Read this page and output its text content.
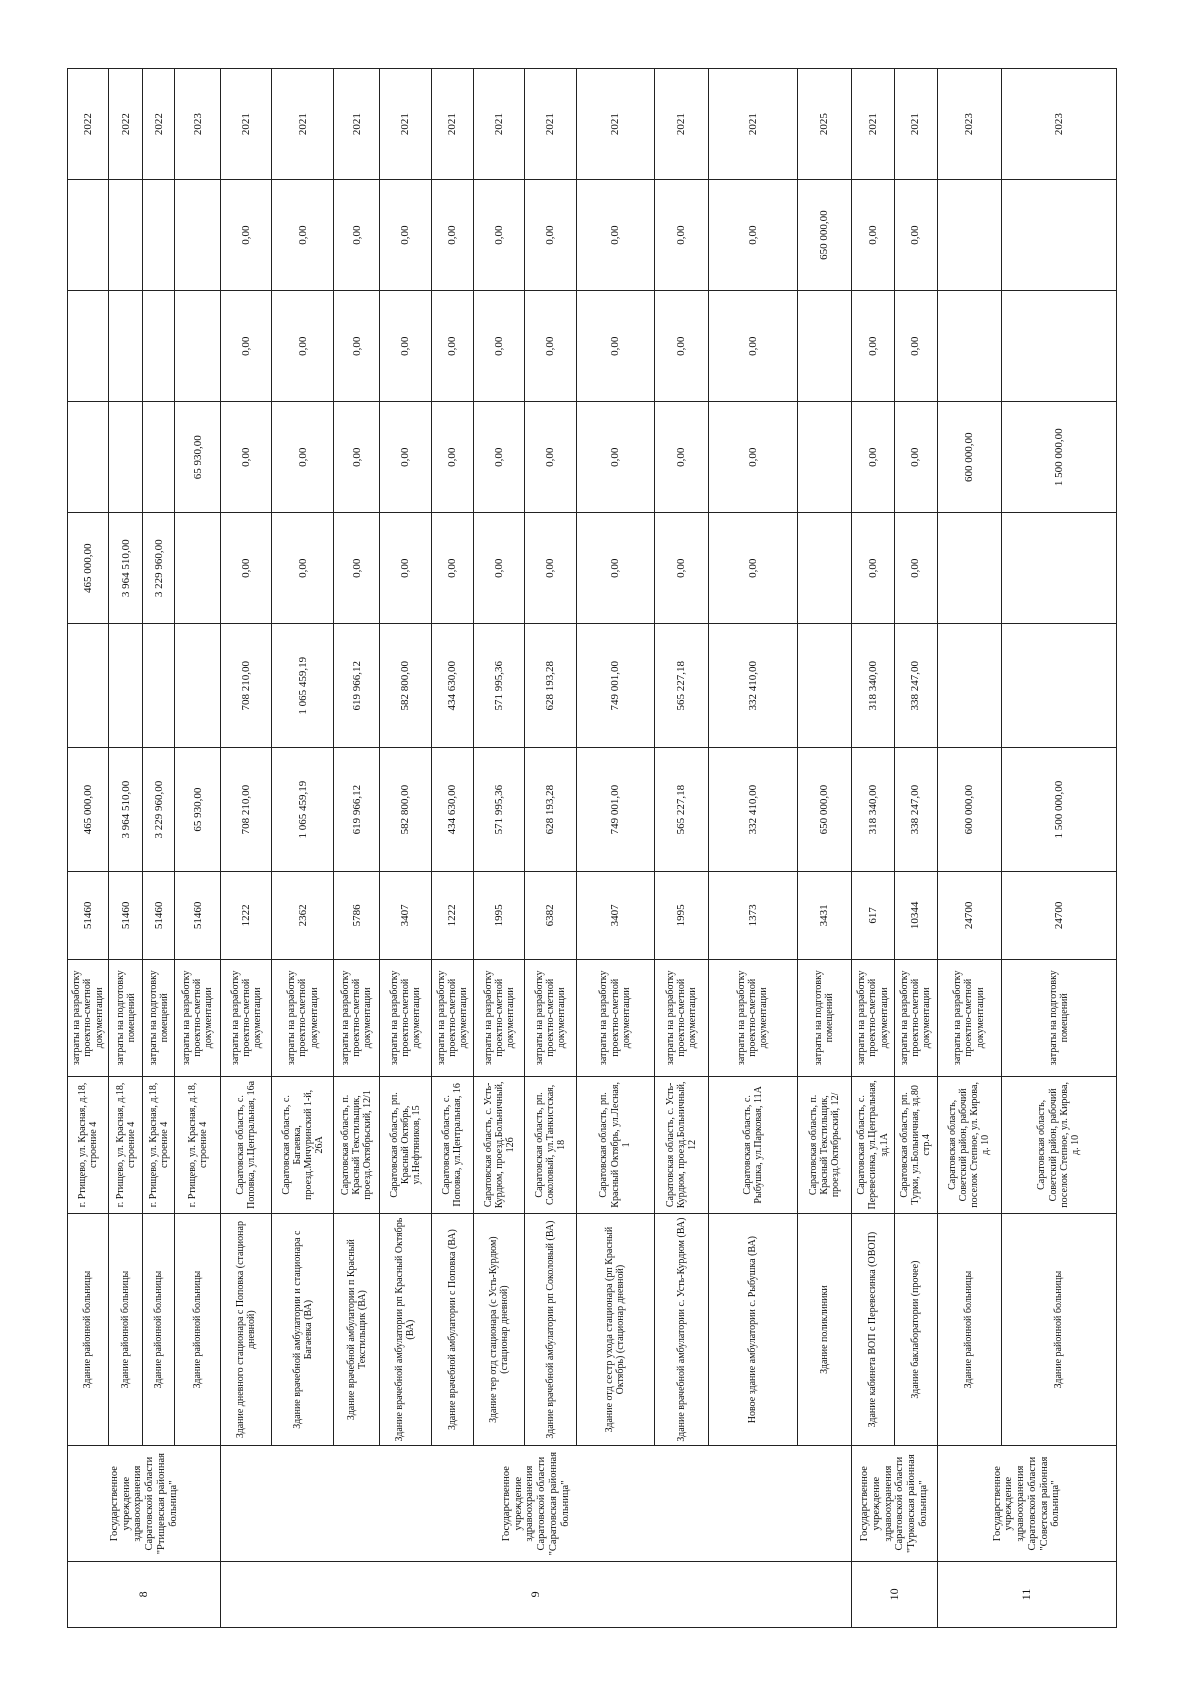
8	Государственное учреждение здравоохранения Саратовской области "Ртищевская районная больница"	Здание районной больницы	г. Ртищево, ул. Красная, д.18, строение 4	затраты на разработку проектно-сметной документации	51460	465 000,00		465 000,00				2022
		Здание районной больницы	г. Ртищево, ул. Красная, д.18, строение 4	затраты на подготовку помещений	51460	3 964 510,00		3 964 510,00				2022
		Здание районной больницы	г. Ртищево, ул. Красная, д.18, строение 4	затраты на подготовку помещений	51460	3 229 960,00		3 229 960,00				2022
		Здание районной больницы	г. Ртищево, ул. Красная, д.18, строение 4	затраты на разработку проектно-сметной документации	51460	65 930,00			65 930,00			2023
9	Государственное учреждение здравоохранения Саратовской области "Саратовская районная больница"	Здание дневного стационара с Поповка (стационар дневной)	Саратовская область, с. Поповка, ул.Центральная, 16а	затраты на разработку проектно-сметной документации	1222	708 210,00	708 210,00	0,00	0,00	0,00	0,00	2021
		Здание врачебной амбулатории и стационара с Багаевка (ВА)	Саратовская область, с. Багаевка, проезд.Мичуринский 1-й, 26А	затраты на разработку проектно-сметной документации	2362	1 065 459,19	1 065 459,19	0,00	0,00	0,00	0,00	2021
		Здание врачебной амбулатории п Красный Текстильщик (ВА)	Саратовская область, п. Красный Текстильщик, проезд.Октябрьский, 12/1	затраты на разработку проектно-сметной документации	5786	619 966,12	619 966,12	0,00	0,00	0,00	0,00	2021
		Здание врачебной амбулатории рп Красный Октябрь (ВА)	Саратовская область, рп. Красный Октябрь, ул.Нефтяников, 15	затраты на разработку проектно-сметной документации	3407	582 800,00	582 800,00	0,00	0,00	0,00	0,00	2021
		Здание врачебной амбулатории с Поповка (ВА)	Саратовская область, с. Поповка, ул.Центральная, 16	затраты на разработку проектно-сметной документации	1222	434 630,00	434 630,00	0,00	0,00	0,00	0,00	2021
		Здание тер отд стационара (с Усть-Курдюм) (стационар дневной)	Саратовская область, с. Усть-Курдюм, проезд.Больничный, 12б	затраты на разработку проектно-сметной документации	1995	571 995,36	571 995,36	0,00	0,00	0,00	0,00	2021
		Здание врачебной амбулатории рп Соколовый (ВА)	Саратовская область, рп. Соколовый, ул.Танкистская, 18	затраты на разработку проектно-сметной документации	6382	628 193,28	628 193,28	0,00	0,00	0,00	0,00	2021
		Здание отд сестр ухода стационара (рп Красный Октябрь) (стационар дневной)	Саратовская область, рп. Красный Октябрь, ул.Лесная, 1	затраты на разработку проектно-сметной документации	3407	749 001,00	749 001,00	0,00	0,00	0,00	0,00	2021
		Здание врачебной амбулатории с. Усть-Курдюм (ВА)	Саратовская область, с. Усть-Курдюм, проезд.Больничный, 12	затраты на разработку проектно-сметной документации	1995	565 227,18	565 227,18	0,00	0,00	0,00	0,00	2021
		Новое здание амбулатории с. Рыбушка (ВА)	Саратовская область, с. Рыбушка, ул.Парковая, 11А	затраты на разработку проектно-сметной документации	1373	332 410,00	332 410,00	0,00	0,00	0,00	0,00	2021
		Здание поликлиники	Саратовская область, п. Красный Текстильщик, проезд.Октябрьский, 12/	затраты на подготовку помещений	3431	650 000,00					650 000,00	2025
10	Государственное учреждение здравоохранения Саратовской области "Турковская районная больница"	Здание кабинета ВОП с Перевесинка (ОВОП)	Саратовская область, с. Перевесинка, ул.Центральная, зд.1А	затраты на разработку проектно-сметной документации	617	318 340,00	318 340,00	0,00	0,00	0,00	0,00	2021
		Здание баклаборатории (прочее)	Саратовская область, рп. Турки, ул.Больничная, зд.80 стр.4	затраты на разработку проектно-сметной документации	10344	338 247,00	338 247,00	0,00	0,00	0,00	0,00	2021
11	Государственное учреждение здравоохранения Саратовской области "Советская районная больница"	Здание районной больницы	Саратовская область, Советский район, рабочий поселок Степное, ул. Кирова, д. 10	затраты на разработку проектно-сметной документации	24700	600 000,00			600 000,00			2023
		Здание районной больницы	Саратовская область, Советский район, рабочий поселок Степное, ул. Кирова, д. 10	затраты на подготовку помещений	24700	1 500 000,00			1 500 000,00			2023
